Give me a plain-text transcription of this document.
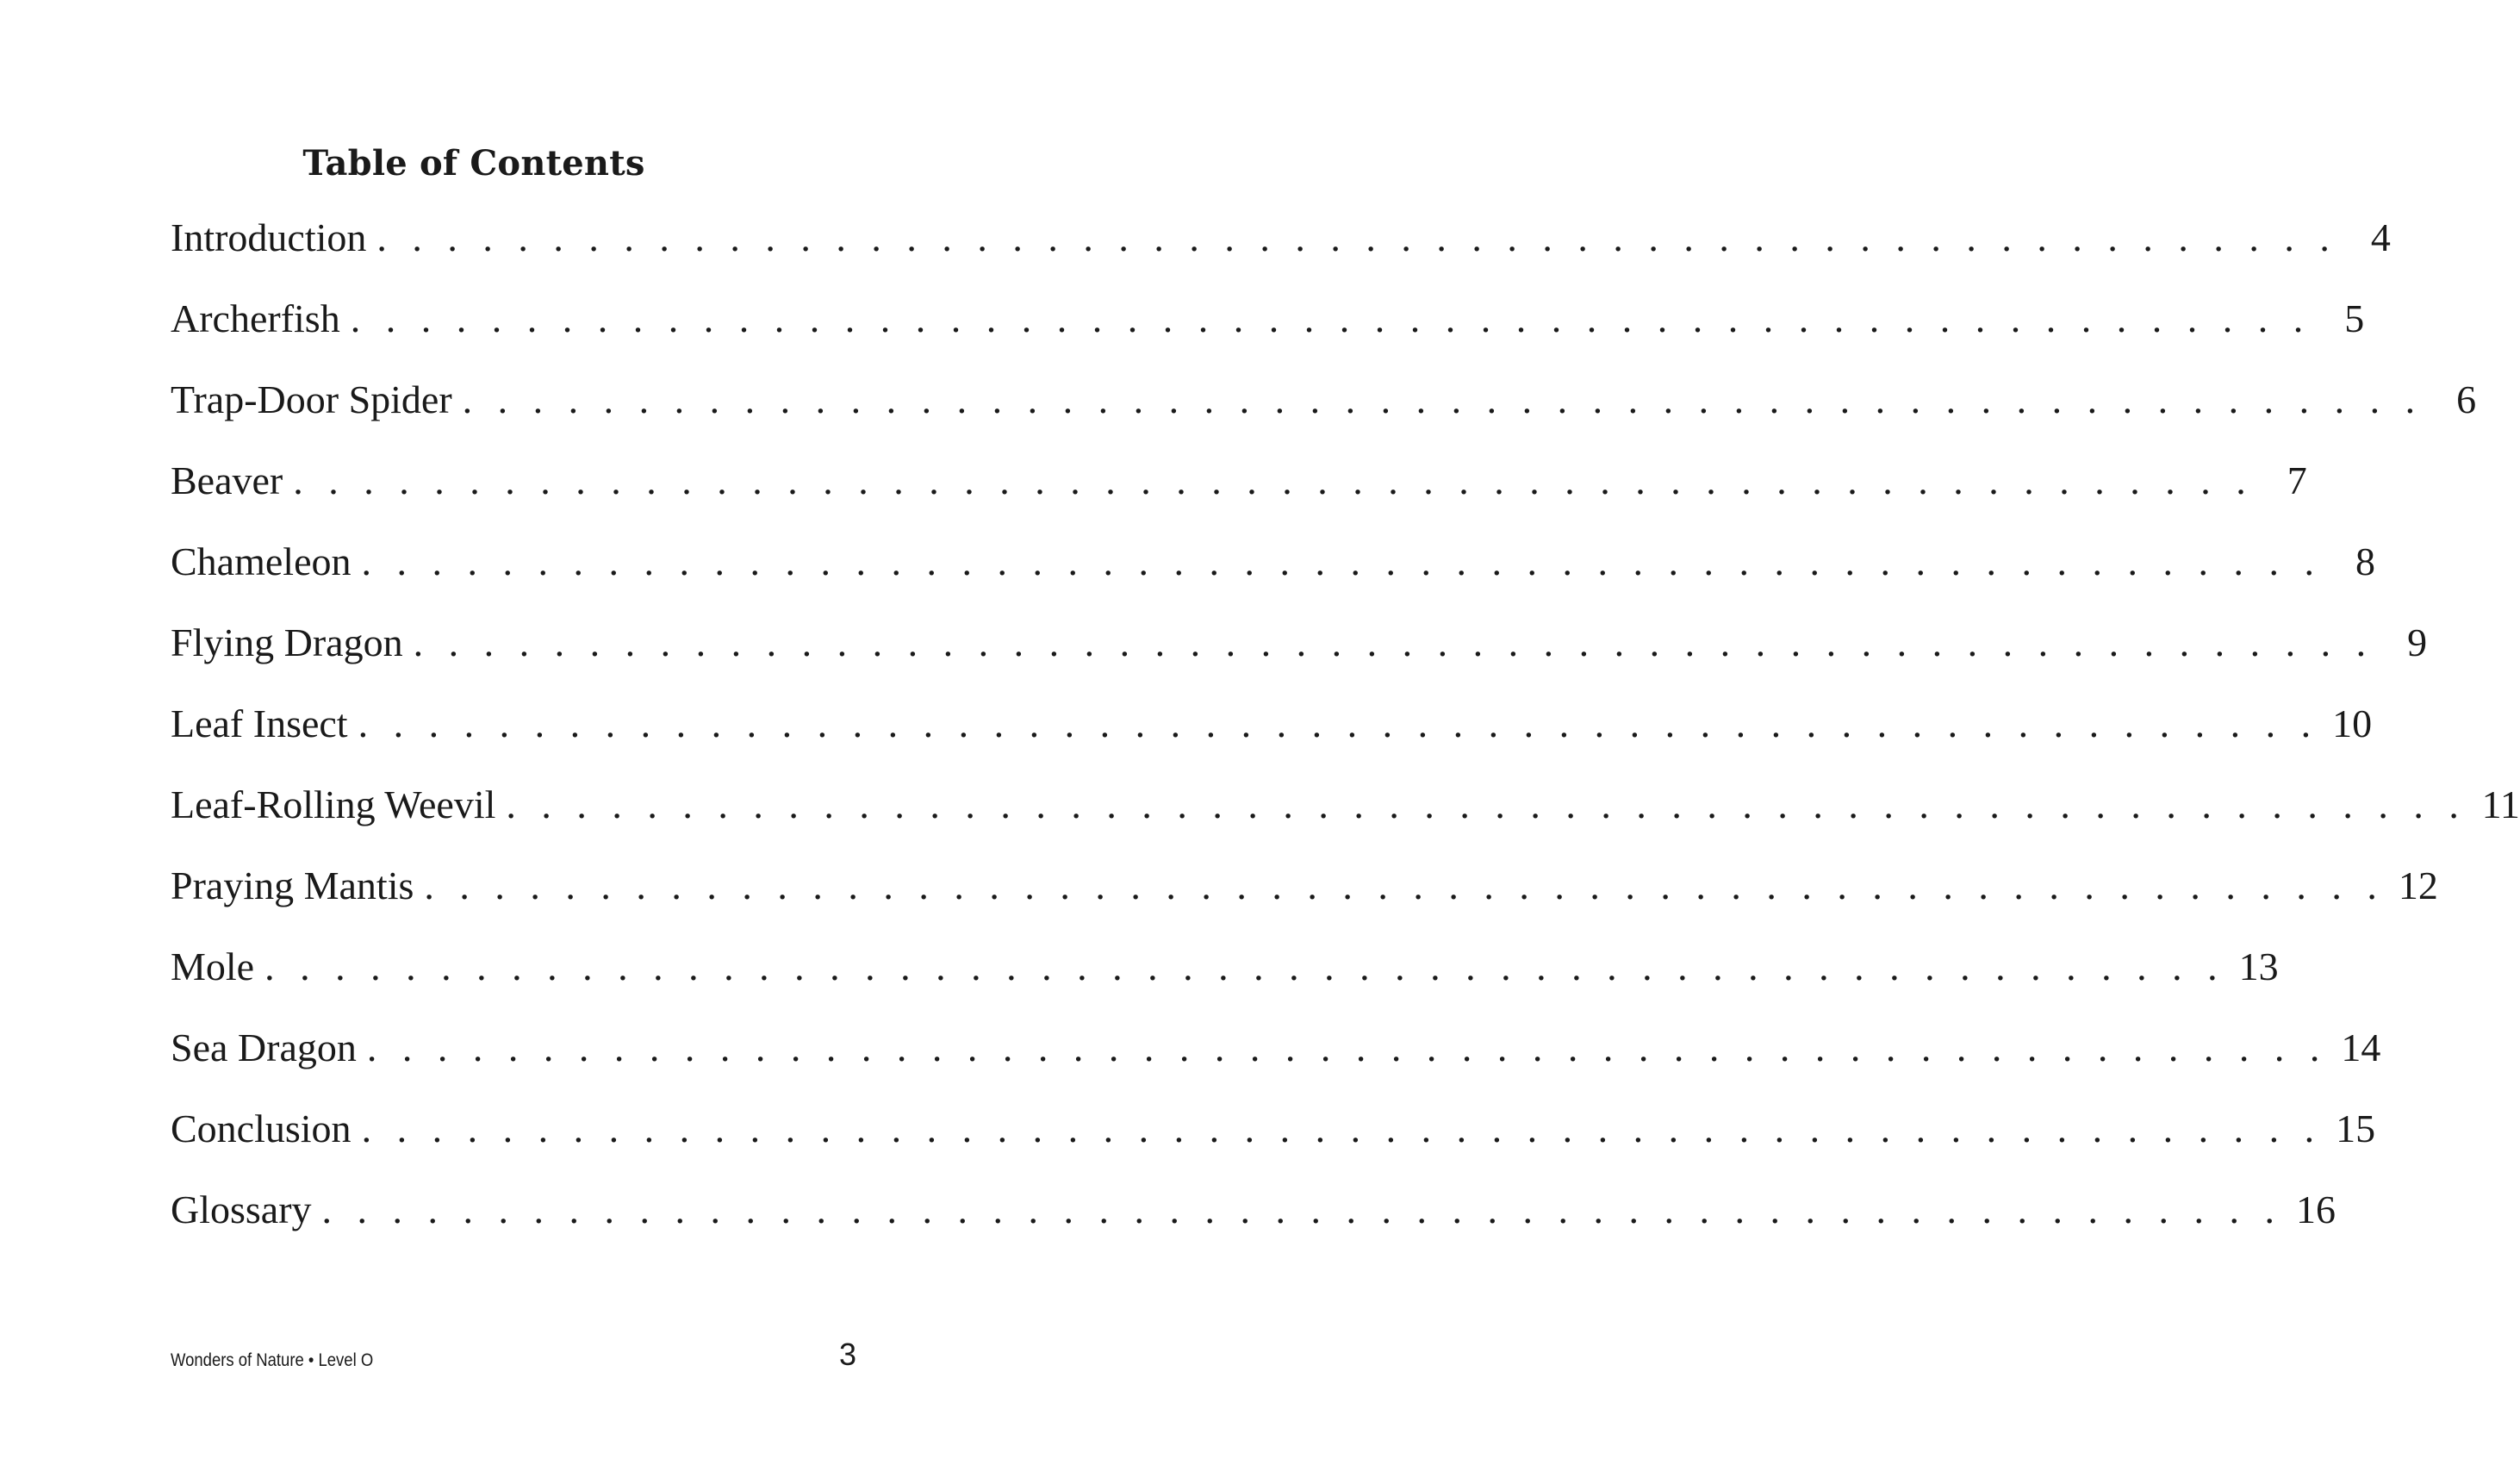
Table of Contents
Introduction . . . . . . . . . . . . . . . . . . . . . . . . . . . . . . . . . . . . . . . . . . . . . . . . . . . . . . . . 4
Archerfish . . . . . . . . . . . . . . . . . . . . . . . . . . . . . . . . . . . . . . . . . . . . . . . . . . . . . . . . 5
Trap-Door Spider . . . . . . . . . . . . . . . . . . . . . . . . . . . . . . . . . . . . . . . . . . . . . . . . . . . . . . . . 6
Beaver . . . . . . . . . . . . . . . . . . . . . . . . . . . . . . . . . . . . . . . . . . . . . . . . . . . . . . . . 7
Chameleon . . . . . . . . . . . . . . . . . . . . . . . . . . . . . . . . . . . . . . . . . . . . . . . . . . . . . . . . 8
Flying Dragon . . . . . . . . . . . . . . . . . . . . . . . . . . . . . . . . . . . . . . . . . . . . . . . . . . . . . . . . 9
Leaf Insect . . . . . . . . . . . . . . . . . . . . . . . . . . . . . . . . . . . . . . . . . . . . . . . . . . . . . . . . 10
Leaf-Rolling Weevil . . . . . . . . . . . . . . . . . . . . . . . . . . . . . . . . . . . . . . . . . . . . . . . . . . . . . . . . 11
Praying Mantis . . . . . . . . . . . . . . . . . . . . . . . . . . . . . . . . . . . . . . . . . . . . . . . . . . . . . . . . 12
Mole . . . . . . . . . . . . . . . . . . . . . . . . . . . . . . . . . . . . . . . . . . . . . . . . . . . . . . . . 13
Sea Dragon . . . . . . . . . . . . . . . . . . . . . . . . . . . . . . . . . . . . . . . . . . . . . . . . . . . . . . . . 14
Conclusion . . . . . . . . . . . . . . . . . . . . . . . . . . . . . . . . . . . . . . . . . . . . . . . . . . . . . . . . 15
Glossary . . . . . . . . . . . . . . . . . . . . . . . . . . . . . . . . . . . . . . . . . . . . . . . . . . . . . . . . 16
Wonders of Nature • Level O	3
